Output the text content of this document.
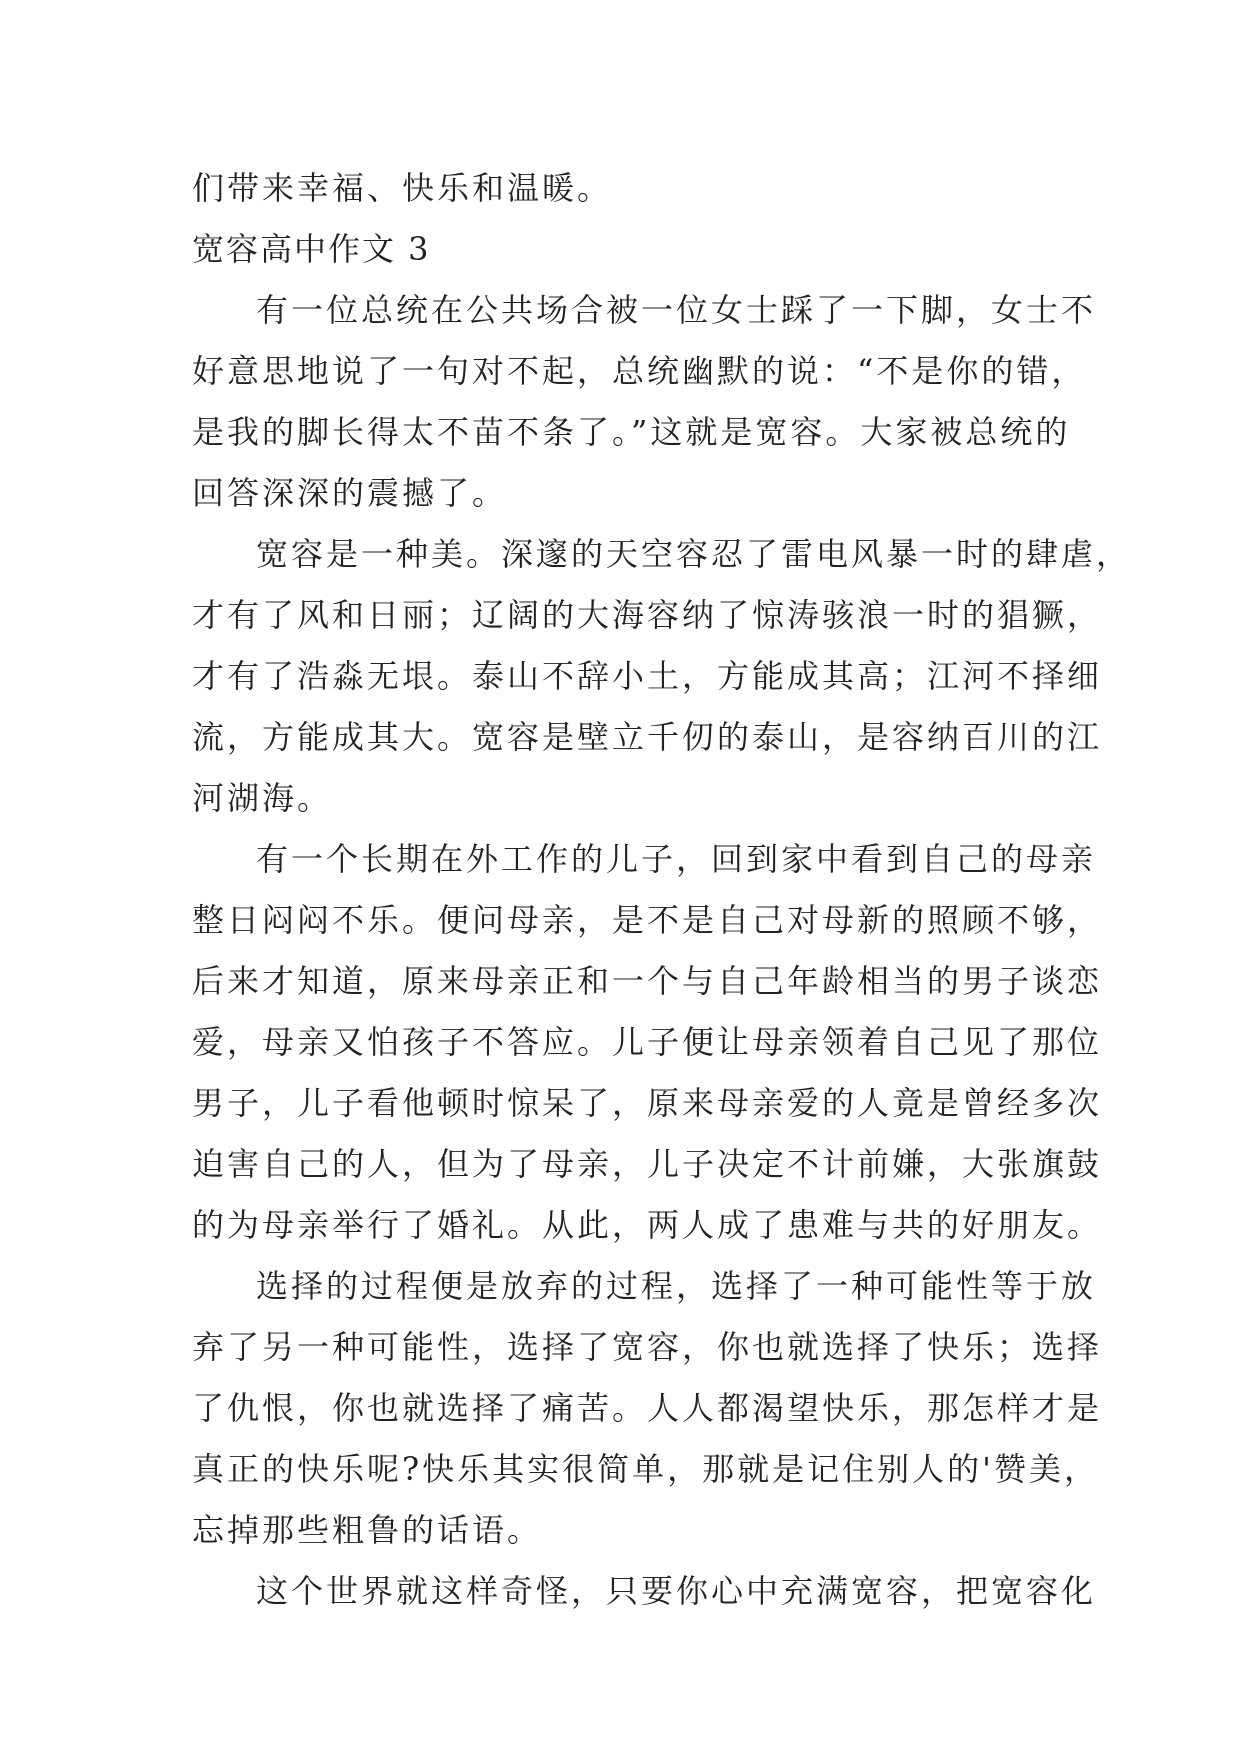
们带来幸福、快乐和温暖。
宽容高中作文 3
有一位总统在公共场合被一位女士踩了一下脚，女士不
好意思地说了一句对不起，总统幽默的说：“不是你的错，
是我的脚长得太不苗不条了。”这就是宽容。大家被总统的
回答深深的震撼了。
宽容是一种美。深邃的天空容忍了雷电风暴一时的肆虐，
才有了风和日丽；辽阔的大海容纳了惊涛骇浪一时的猖獗，
才有了浩淼无垠。泰山不辞小土，方能成其高；江河不择细
流，方能成其大。宽容是壁立千仞的泰山，是容纳百川的江
河湖海。
有一个长期在外工作的儿子，回到家中看到自己的母亲
整日闷闷不乐。便问母亲，是不是自己对母新的照顾不够，
后来才知道，原来母亲正和一个与自己年龄相当的男子谈恋
爱，母亲又怕孩子不答应。儿子便让母亲领着自己见了那位
男子，儿子看他顿时惊呆了，原来母亲爱的人竟是曾经多次
迫害自己的人，但为了母亲，儿子决定不计前嫌，大张旗鼓
的为母亲举行了婚礼。从此，两人成了患难与共的好朋友。
选择的过程便是放弃的过程，选择了一种可能性等于放
弃了另一种可能性，选择了宽容，你也就选择了快乐；选择
了仇恨，你也就选择了痛苦。人人都渴望快乐，那怎样才是
真正的快乐呢?快乐其实很简单，那就是记住别人的'赞美，
忘掉那些粗鲁的话语。
这个世界就这样奇怪，只要你心中充满宽容，把宽容化
